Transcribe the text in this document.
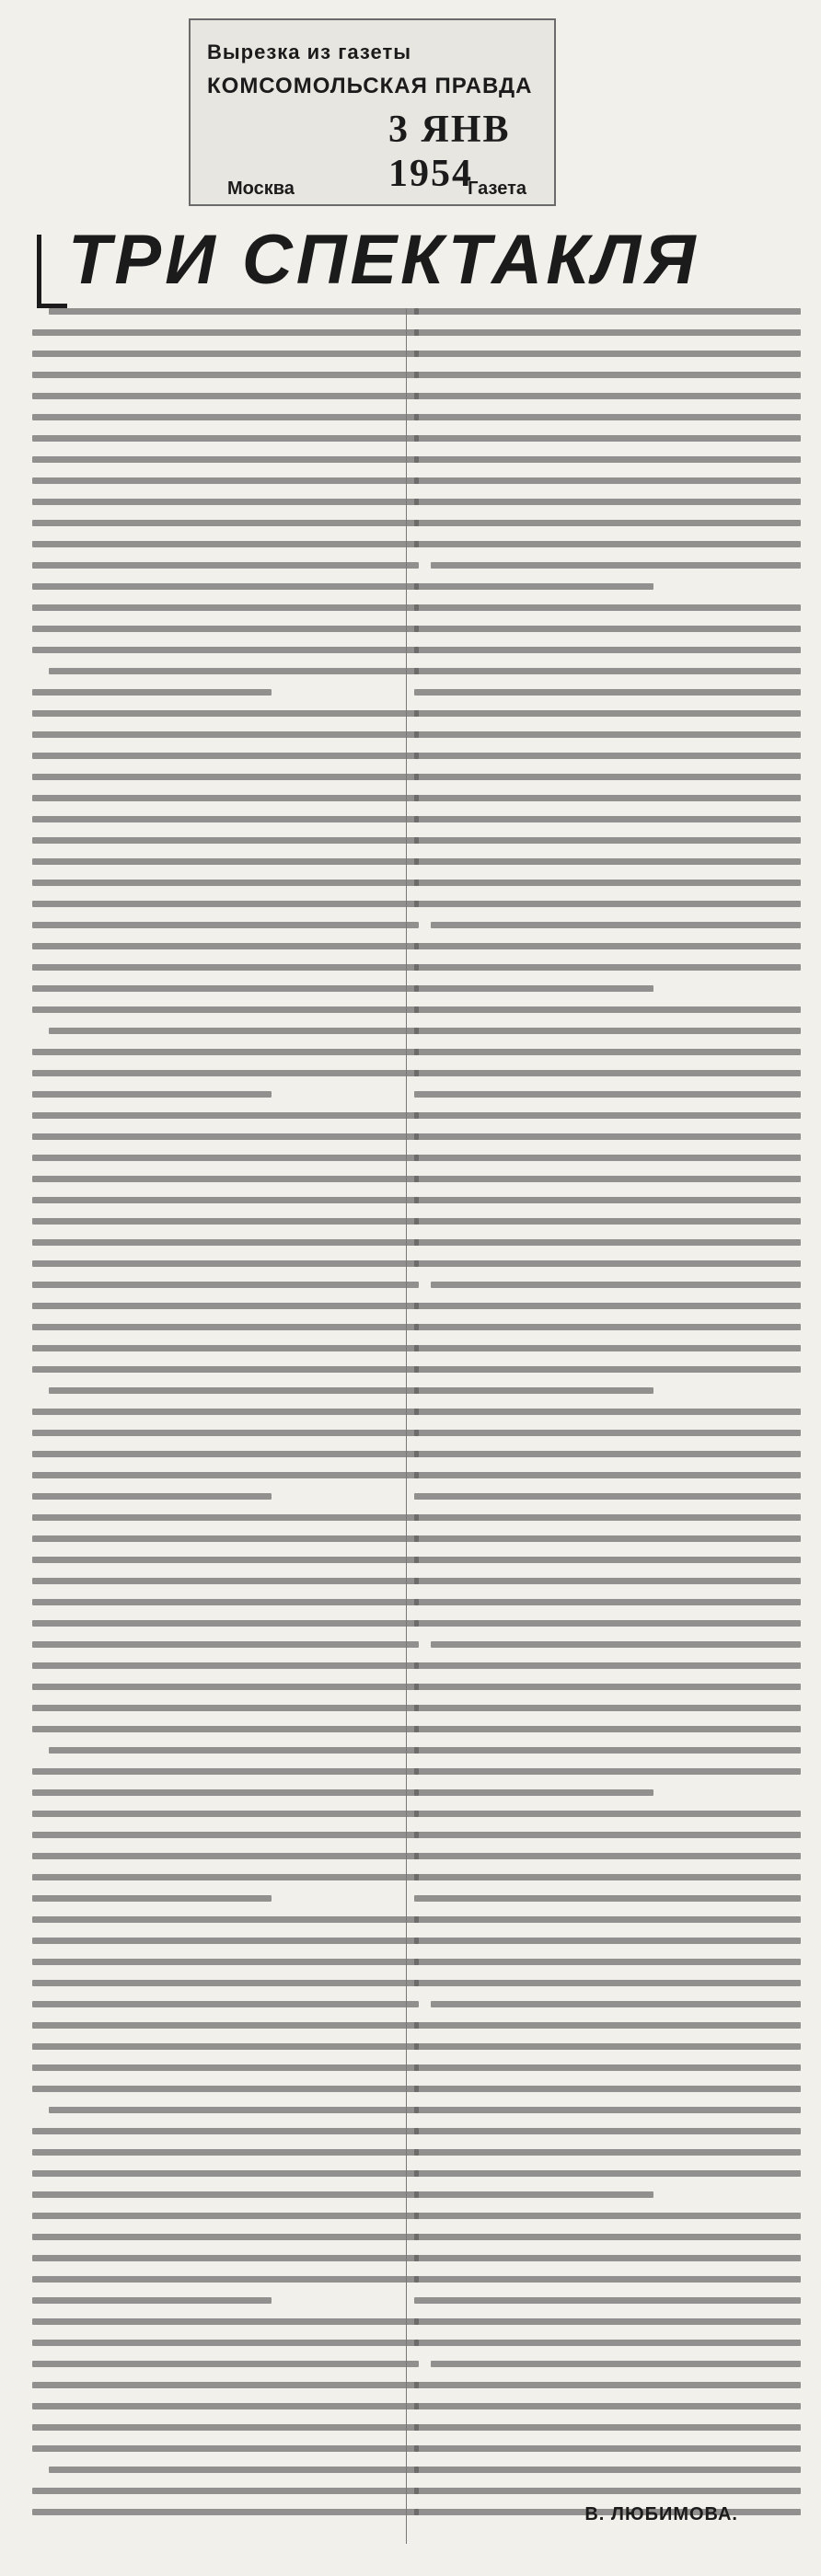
Вырезка из газеты
КОМСОМОЛЬСКАЯ ПРАВДА
3 ЯНВ 1954
Москва	Газета
ТРИ СПЕКТАКЛЯ
В. ЛЮБИМОВА.
